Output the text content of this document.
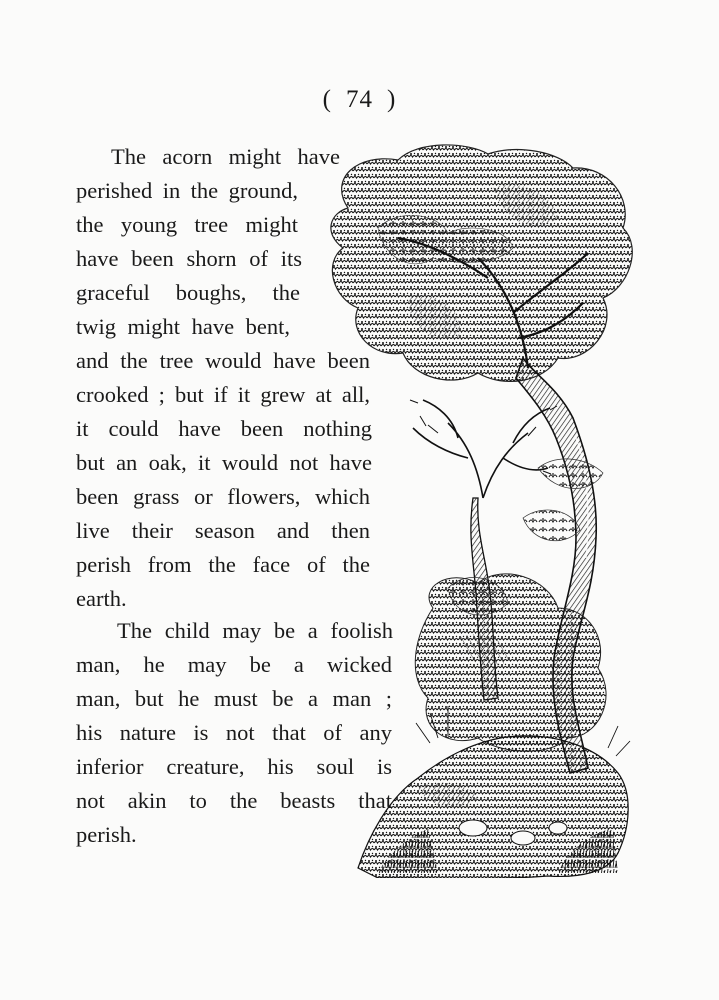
( 74 )
The acorn might have
perished in the ground,
the young tree might
have been shorn of its
graceful boughs, the
twig might have bent,
and the tree would have been
crooked ; but if it grew at all,
it could have been nothing
but an oak, it would not have
been grass or flowers, which
live their season and then
perish from the face of the
earth.
The child may be a foolish
man, he may be a wicked
man, but he must be a man ;
his nature is not that of any
inferior creature, his soul is
not akin to the beasts that
perish.
